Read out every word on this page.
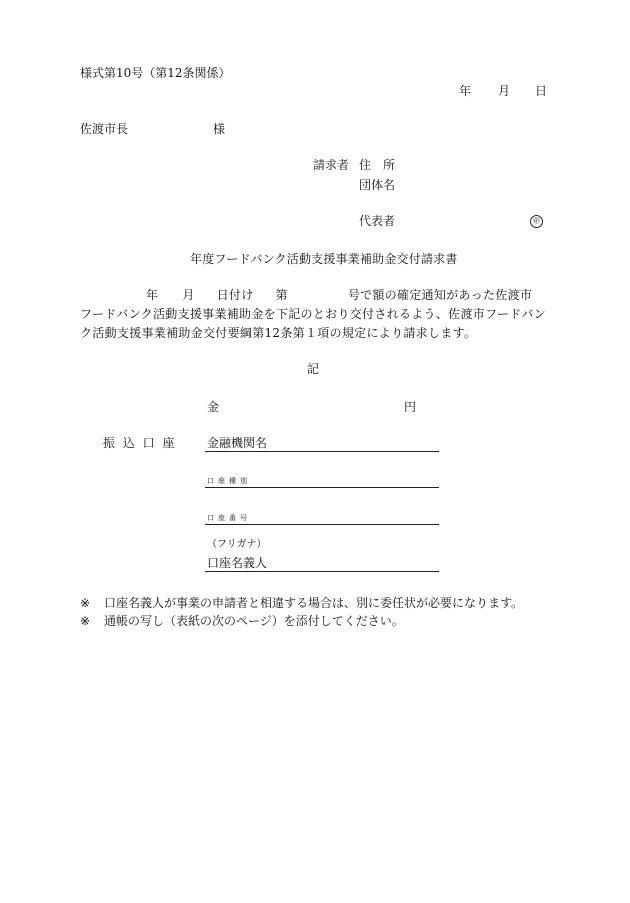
様式第10号（第12条関係）
年 月 日
佐渡市長	様
請求者 住　所
団体名
代表者	㊞
年度フードバンク活動支援事業補助金交付請求書
年 月 日付け 第	号で額の確定通知があった佐渡市
フードバンク活動支援事業補助金を下記のとおり交付されるよう、佐渡市フードバン
ク活動支援事業補助金交付要綱第12条第１項の規定により請求します。
記
金	円
振 込 口 座	金融機関名
口座種別
口座番号
（フリガナ）
口座名義人
※ 口座名義人が事業の申請者と相違する場合は、別に委任状が必要になります。
※ 通帳の写し（表紙の次のページ）を添付してください。
